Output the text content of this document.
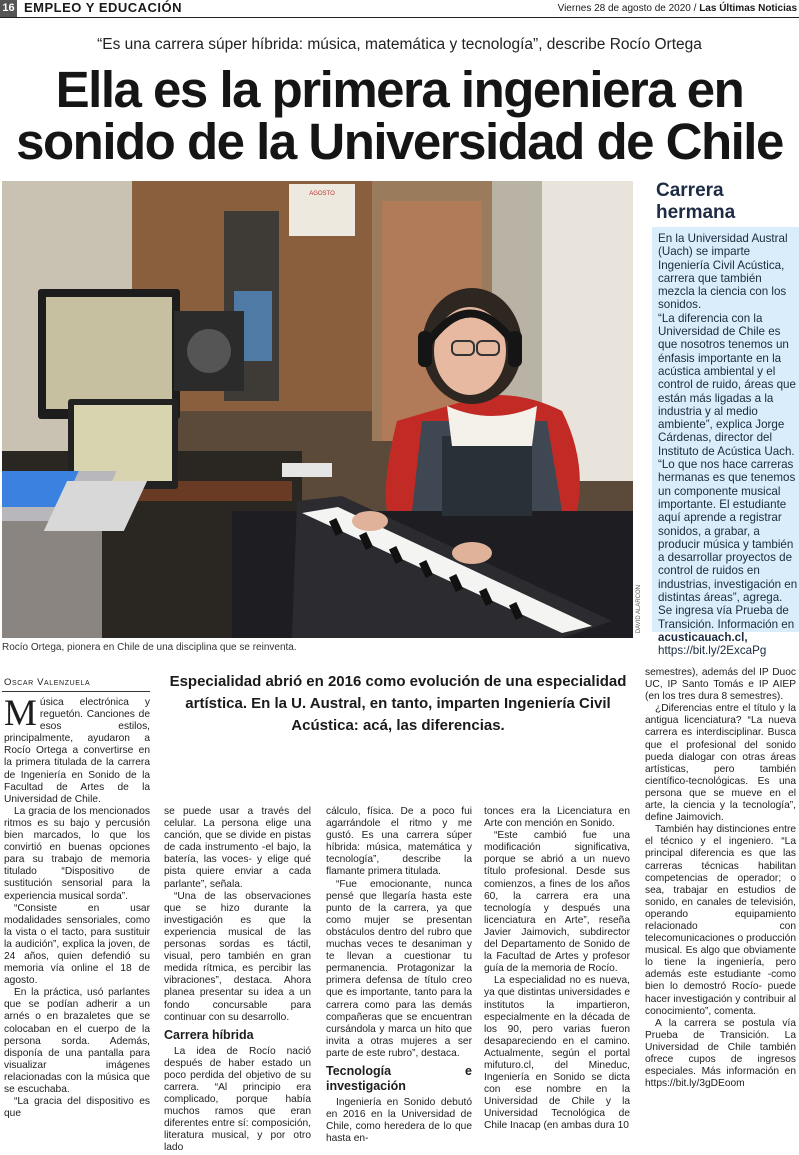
16 EMPLEO Y EDUCACIÓN	Viernes 28 de agosto de 2020 / Las Últimas Noticias
“Es una carrera súper híbrida: música, matemática y tecnología”, describe Rocío Ortega
Ella es la primera ingeniera en
sonido de la Universidad de Chile
AGOSTO
Rocío Ortega, pionera en Chile de una disciplina que se reinventa.
DAVID ALARCÓN
Carrera
hermana

En la Universidad Austral (Uach) se imparte Ingeniería Civil Acústica, carrera que también mezcla la ciencia con los sonidos.

“La diferencia con la Universidad de Chile es que nosotros tenemos un énfasis importante en la acústica ambiental y el control de ruido, áreas que están más ligadas a la industria y al medio ambiente”, explica Jorge Cárdenas, director del Instituto de Acústica Uach.

“Lo que nos hace carreras hermanas es que tenemos un componente musical importante. El estudiante aquí aprende a registrar sonidos, a grabar, a producir música y también a desarrollar proyectos de control de ruidos en industrias, investigación en distintas áreas”, agrega. Se ingresa vía Prueba de Transición. Información en

acusticauach.cl,

https://bit.ly/2ExcaPg

Oscar Valenzuela	Especialidad abrió en 2016 como evolución de una especialidad artística. En la U. Austral, en tanto, imparten Ingeniería Civil Acústica: acá, las diferencias.

Música electrónica y reguetón. Canciones de esos estilos, principalmente, ayudaron a Rocío Ortega a convertirse en la primera titulada de la carrera de Ingeniería en Sonido de la Facultad de Artes de la Universidad de Chile.

La gracia de los mencionados ritmos es su bajo y percusión bien marcados, lo que los convirtió en buenas opciones para su trabajo de memoria titulado “Dispositivo de sustitución sensorial para la experiencia musical sorda”.

“Consiste en usar modalidades sensoriales, como la vista o el tacto, para sustituir la audición”, explica la joven, de 24 años, quien defendió su memoria vía online el 18 de agosto.

En la práctica, usó parlantes que se podían adherir a un arnés o en brazaletes que se colocaban en el cuerpo de la persona sorda. Además, disponía de una pantalla para visualizar imágenes relacionadas con la música que se escuchaba.

“La gracia del dispositivo es que

se puede usar a través del celular. La persona elige una canción, que se divide en pistas de cada instrumento -el bajo, la batería, las voces- y elige qué pista quiere enviar a cada parlante”, señala.

“Una de las observaciones que se hizo durante la investigación es que la experiencia musical de las personas sordas es táctil, visual, pero también en gran medida rítmica, es percibir las vibraciones”, destaca. Ahora planea presentar su idea a un fondo concursable para continuar con su desarrollo.

Carrera híbrida

La idea de Rocío nació después de haber estado un poco perdida del objetivo de su carrera. “Al principio era complicado, porque había muchos ramos que eran diferentes entre sí: composición, literatura musical, y por otro lado

cálculo, física. De a poco fui agarrándole el ritmo y me gustó. Es una carrera súper híbrida: música, matemática y tecnología”, describe la flamante primera titulada.

“Fue emocionante, nunca pensé que llegaría hasta este punto de la carrera, ya que como mujer se presentan obstáculos dentro del rubro que muchas veces te desaniman y te llevan a cuestionar tu permanencia. Protagonizar la primera defensa de título creo que es importante, tanto para la carrera como para las demás compañeras que se encuentran cursándola y marca un hito que invita a otras mujeres a ser parte de este rubro”, destaca.

Tecnología e investigación

Ingeniería en Sonido debutó en 2016 en la Universidad de Chile, como heredera de lo que hasta en-

tonces era la Licenciatura en Arte con mención en Sonido.

“Este cambió fue una modificación significativa, porque se abrió a un nuevo título profesional. Desde sus comienzos, a fines de los años 60, la carrera era una tecnología y después una licenciatura en Arte”, reseña Javier Jaimovich, subdirector del Departamento de Sonido de la Facultad de Artes y profesor guía de la memoria de Rocío.

La especialidad no es nueva, ya que distintas universidades e institutos la impartieron, especialmente en la década de los 90, pero varias fueron desapareciendo en el camino. Actualmente, según el portal mifuturo.cl, del Mineduc, Ingeniería en Sonido se dicta con ese nombre en la Universidad de Chile y la Universidad Tecnológica de Chile Inacap (en ambas dura 10

semestres), además del IP Duoc UC, IP Santo Tomás e IP AIEP (en los tres dura 8 semestres).

¿Diferencias entre el título y la antigua licenciatura? “La nueva carrera es interdisciplinar. Busca que el profesional del sonido pueda dialogar con otras áreas artísticas, pero también científico-tecnológicas. Es una persona que se mueve en el arte, la ciencia y la tecnología”, define Jaimovich.

También hay distinciones entre el técnico y el ingeniero. “La principal diferencia es que las carreras técnicas habilitan competencias de operador; o sea, trabajar en estudios de sonido, en canales de televisión, operando equipamiento relacionado con telecomunicaciones o producción musical. Es algo que obviamente lo tiene la ingeniería, pero además este estudiante -como bien lo demostró Rocío- puede hacer investigación y contribuir al conocimiento”, comenta.

A la carrera se postula vía Prueba de Transición. La Universidad de Chile también ofrece cupos de ingresos especiales. Más información en https://bit.ly/3gDEoom
